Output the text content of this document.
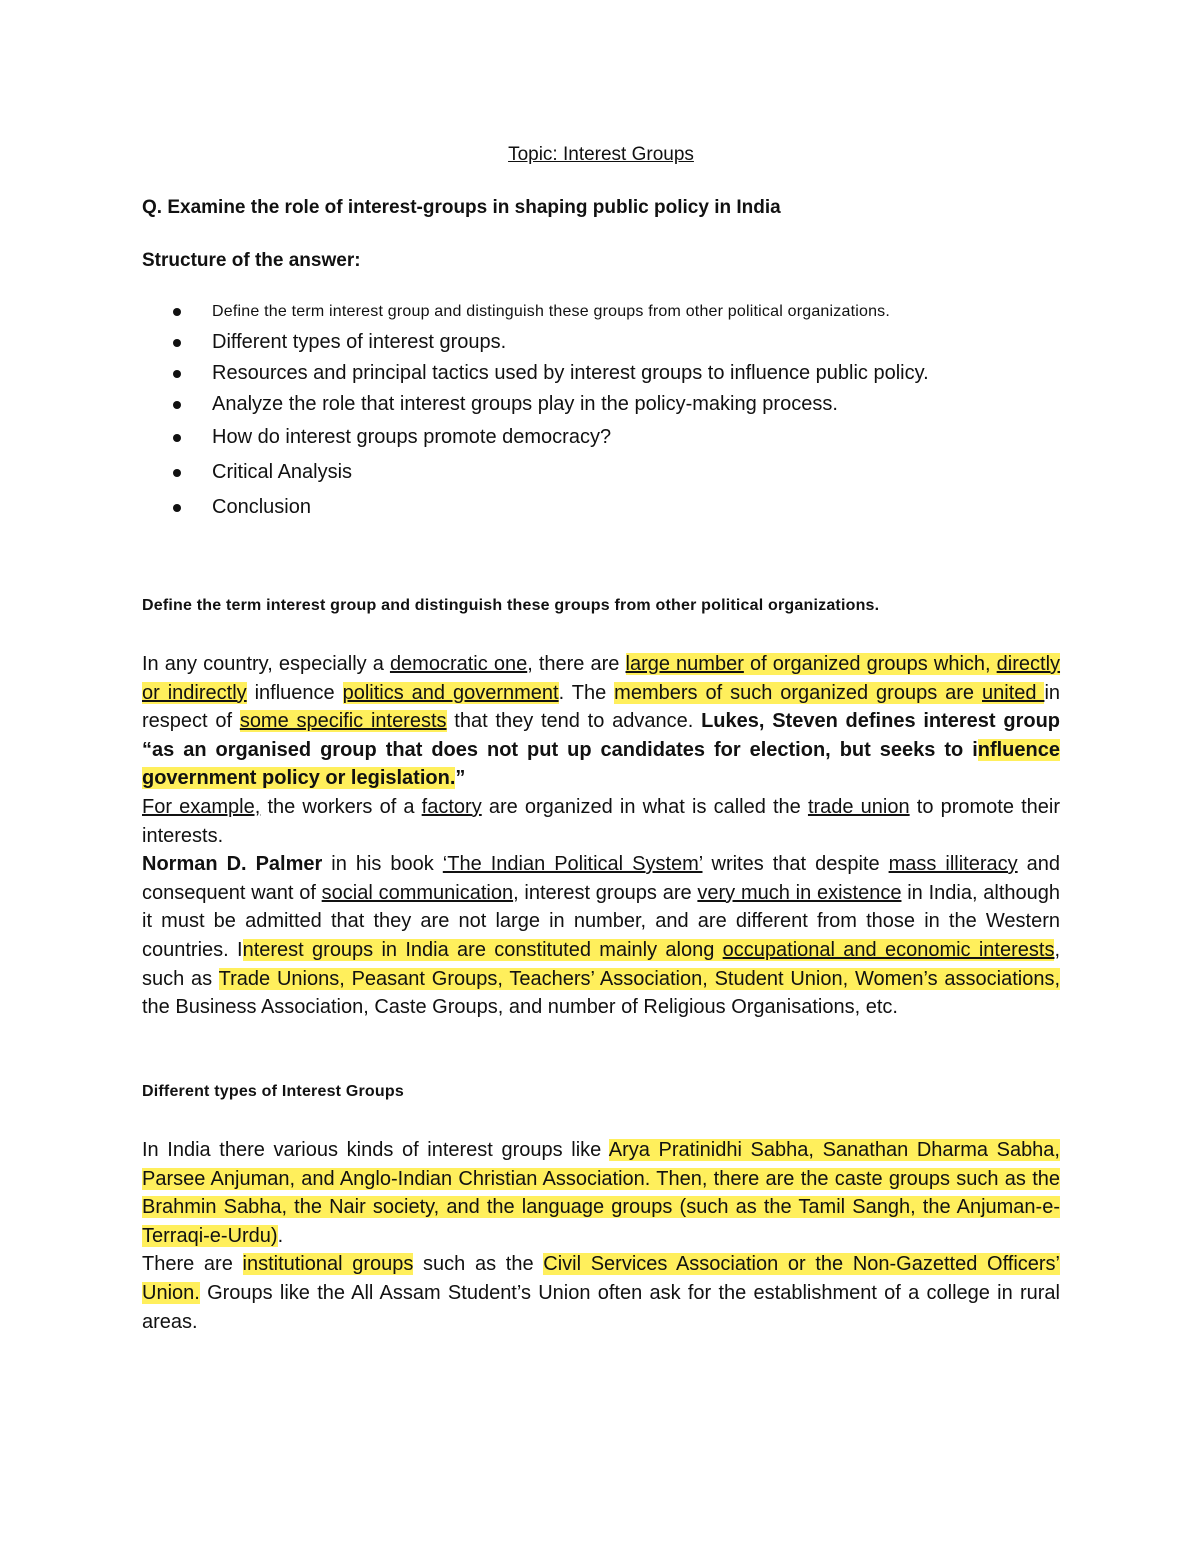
Topic: Interest Groups
Q. Examine the role of interest-groups in shaping public policy in India
Structure of the answer:
Define the term interest group and distinguish these groups from other political organizations.
Different types of interest groups.
Resources and principal tactics used by interest groups to influence public policy.
Analyze the role that interest groups play in the policy-making process.
How do interest groups promote democracy?
Critical Analysis
Conclusion
Define the term interest group and distinguish these groups from other political organizations.

In any country, especially a democratic one, there are large number of organized groups which, directly or indirectly influence politics and government. The members of such organized groups are united in respect of some specific interests that they tend to advance. Lukes, Steven defines interest group “as an organised group that does not put up candidates for election, but seeks to influence government policy or legislation.”

For example, the workers of a factory are organized in what is called the trade union to promote their interests.

Norman D. Palmer in his book ‘The Indian Political System’ writes that despite mass illiteracy and consequent want of social communication, interest groups are very much in existence in India, although it must be admitted that they are not large in number, and are different from those in the Western countries. Interest groups in India are constituted mainly along occupational and economic interests, such as Trade Unions, Peasant Groups, Teachers’ Association, Student Union, Women’s associations, the Business Association, Caste Groups, and number of Religious Organisations, etc.

Different types of Interest Groups

In India there various kinds of interest groups like Arya Pratinidhi Sabha, Sanathan Dharma Sabha, Parsee Anjuman, and Anglo-Indian Christian Association. Then, there are the caste groups such as the Brahmin Sabha, the Nair society, and the language groups (such as the Tamil Sangh, the Anjuman-e-Terraqi-e-Urdu).

There are institutional groups such as the Civil Services Association or the Non-Gazetted Officers’ Union. Groups like the All Assam Student’s Union often ask for the establishment of a college in rural areas.
